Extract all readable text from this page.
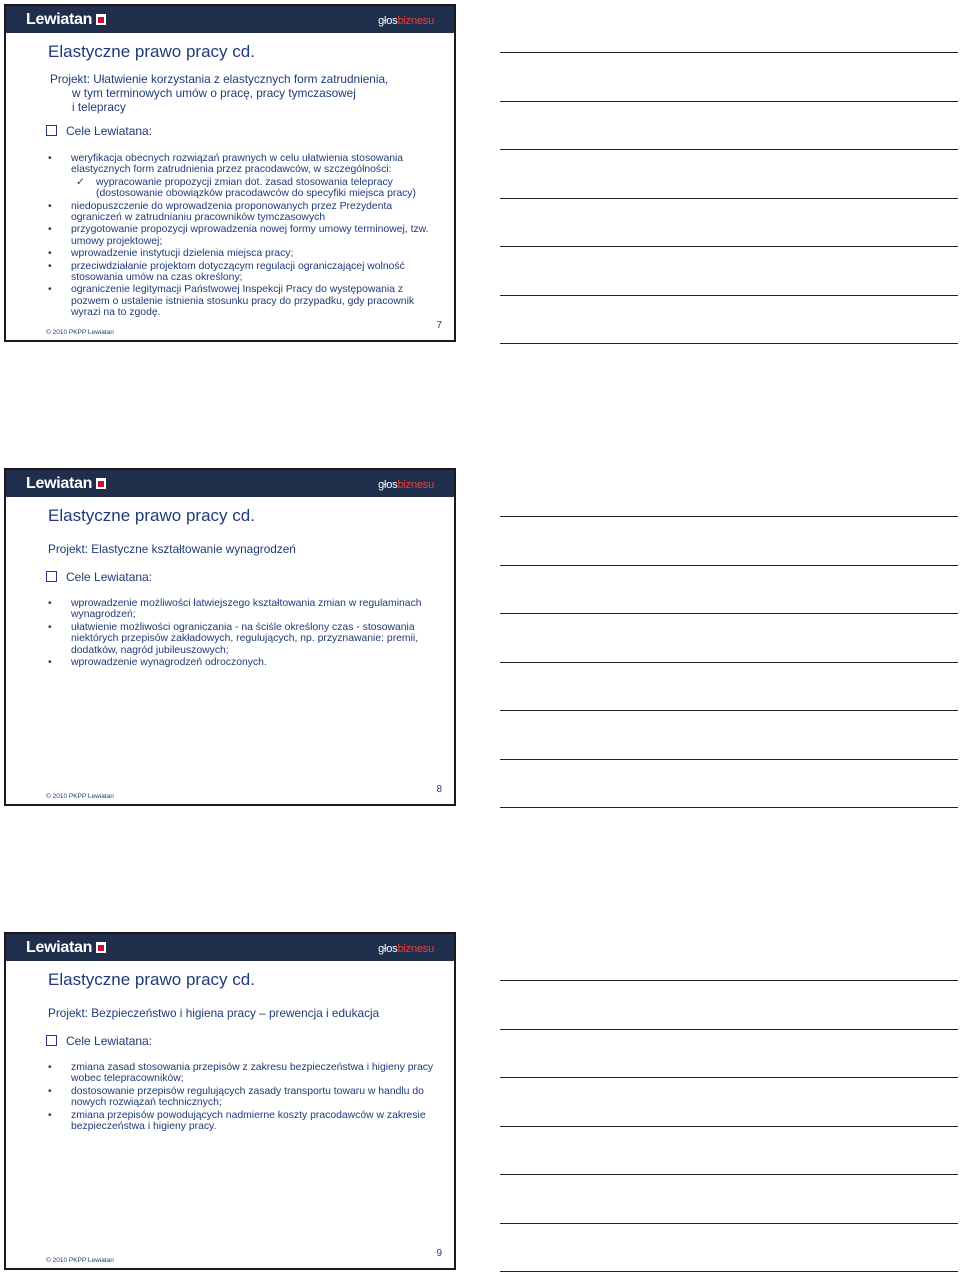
Lewiatan	głosbiznesu
Elastyczne prawo pracy cd.
Projekt: Ułatwienie korzystania z elastycznych form zatrudnienia,
w tym terminowych umów o pracę, pracy tymczasowej
i telepracy
Cele Lewiatana:
• weryfikacja obecnych rozwiązań prawnych w celu ułatwienia stosowania elastycznych form zatrudnienia przez pracodawców, w szczególności:
✓ wypracowanie propozycji zmian dot. zasad stosowania telepracy (dostosowanie obowiązków pracodawców do specyfiki miejsca pracy)
• niedopuszczenie do wprowadzenia proponowanych przez Prezydenta ograniczeń w zatrudnianiu pracowników tymczasowych
• przygotowanie propozycji wprowadzenia nowej formy umowy terminowej, tzw. umowy projektowej;
• wprowadzenie instytucji dzielenia miejsca pracy;
• przeciwdziałanie projektom dotyczącym regulacji ograniczającej wolność stosowania umów na czas określony;
• ograniczenie legitymacji Państwowej Inspekcji Pracy do występowania z pozwem o ustalenie istnienia stosunku pracy do przypadku, gdy pracownik wyrazi na to zgodę.
© 2010 PKPP Lewiatan
7
Lewiatan	głosbiznesu
Elastyczne prawo pracy cd.
Projekt: Elastyczne kształtowanie wynagrodzeń
Cele Lewiatana:
• wprowadzenie możliwości łatwiejszego kształtowania zmian w regulaminach wynagrodzeń;
• ułatwienie możliwości ograniczania - na ściśle określony czas - stosowania niektórych przepisów zakładowych, regulujących, np. przyznawanie: premii, dodatków, nagród jubileuszowych;
• wprowadzenie wynagrodzeń odroczonych.
© 2010 PKPP Lewiatan
8
Lewiatan	głosbiznesu
Elastyczne prawo pracy cd.
Projekt: Bezpieczeństwo i higiena pracy – prewencja i edukacja
Cele Lewiatana:
• zmiana zasad stosowania przepisów z zakresu bezpieczeństwa i higieny pracy wobec telepracowników;
• dostosowanie przepisów regulujących zasady transportu towaru w handlu do nowych rozwiązań technicznych;
• zmiana przepisów powodujących nadmierne koszty pracodawców w zakresie bezpieczeństwa i higieny pracy.
© 2010 PKPP Lewiatan
9
